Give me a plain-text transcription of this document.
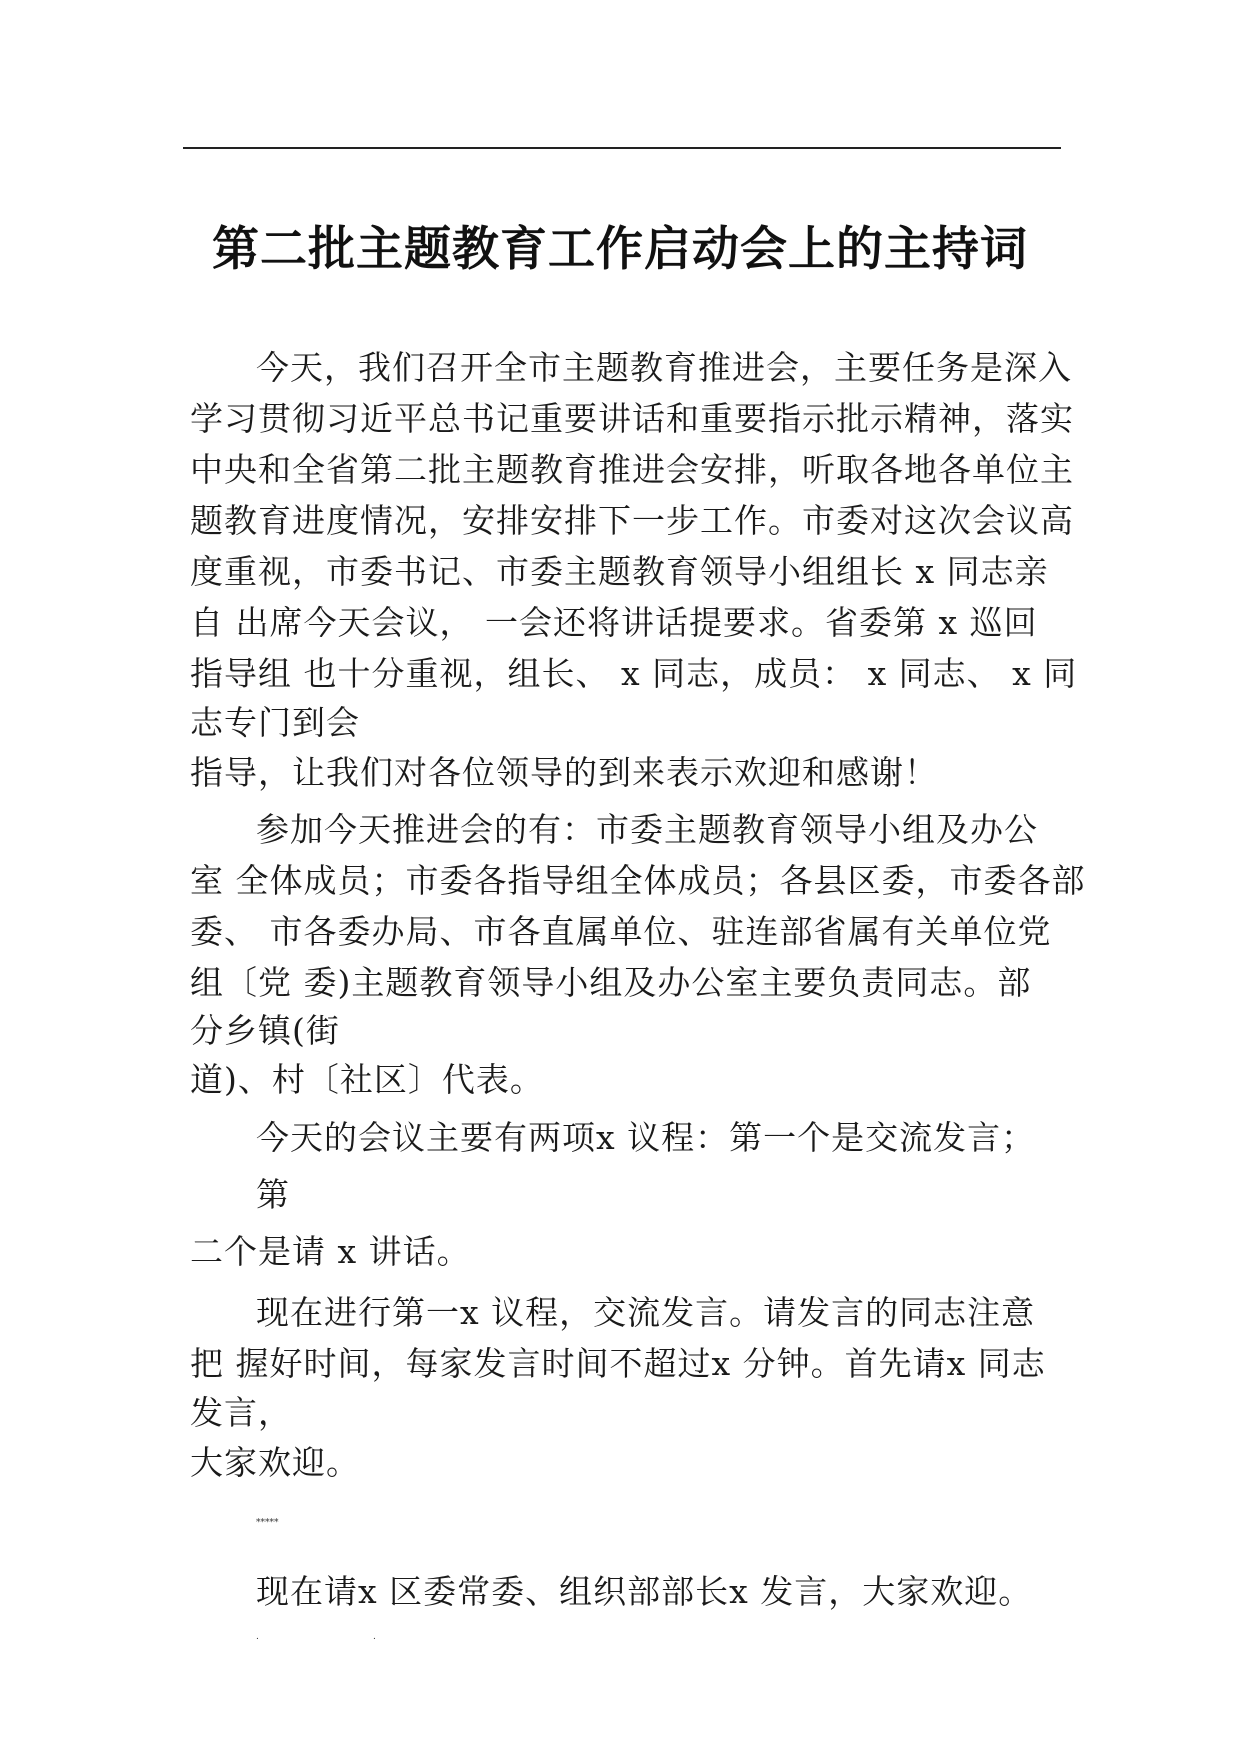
第二批主题教育工作启动会上的主持词
今天，我们召开全市主题教育推进会，主要任务是深入
学习贯彻习近平总书记重要讲话和重要指示批示精神，落实
中央和全省第二批主题教育推进会安排，听取各地各单位主
题教育进度情况，安排安排下一步工作。市委对这次会议高
度重视，市委书记、市委主题教育领导小组组长 x 同志亲
自 出席今天会议， 一会还将讲话提要求。省委第 x 巡回
指导组 也十分重视，组长、 x 同志，成员： x 同志、 x 同
志专门到会
指导，让我们对各位领导的到来表示欢迎和感谢！
参加今天推进会的有：市委主题教育领导小组及办公
室 全体成员；市委各指导组全体成员；各县区委，市委各部
委、 市各委办局、市各直属单位、驻连部省属有关单位党
组〔党 委)主题教育领导小组及办公室主要负责同志。部
分乡镇(街
道)、村〔社区〕代表。
今天的会议主要有两项x 议程：第一个是交流发言；
第
二个是请 x 讲话。
现在进行第一x 议程，交流发言。请发言的同志注意
把 握好时间，每家发言时间不超过x 分钟。首先请x 同志
发言，
大家欢迎。
*****
现在请x 区委常委、组织部部长x 发言，大家欢迎。
.	.
